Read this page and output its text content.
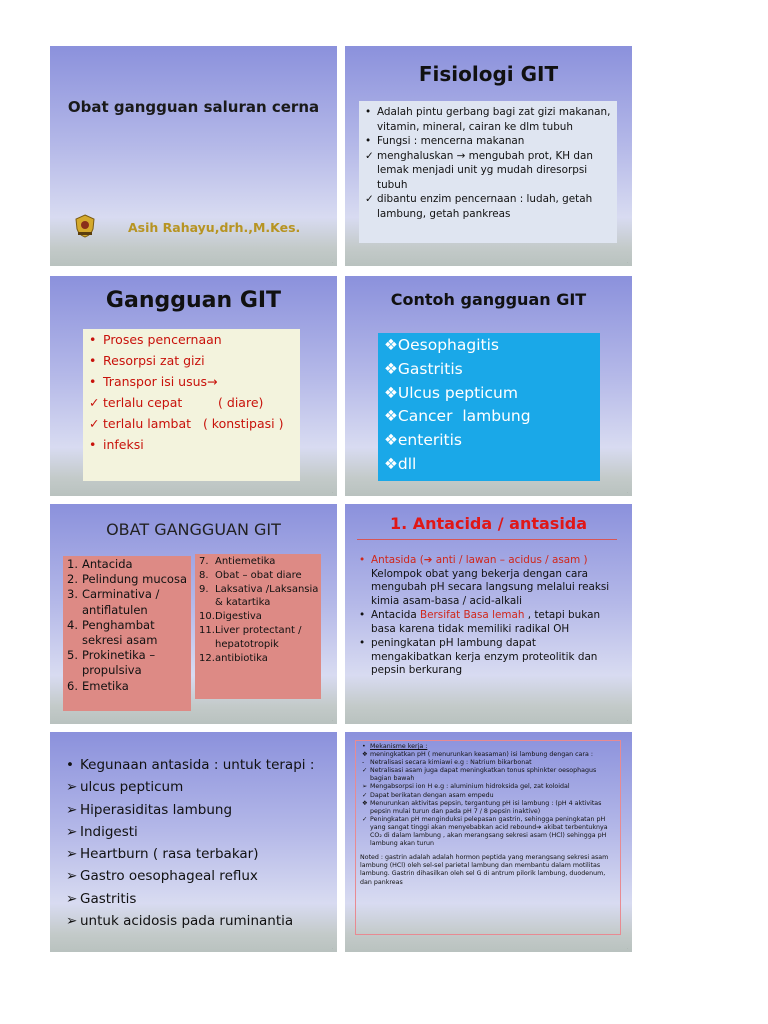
Obat gangguan saluran cerna
Asih Rahayu,drh.,M.Kes.
·
Fisiologi GIT
• Adalah pintu gerbang bagi zat gizi makanan, vitamin, mineral, cairan ke dlm tubuh
• Fungsi : mencerna makanan
✓ menghaluskan → mengubah prot, KH dan lemak menjadi unit yg mudah diresorpsi tubuh
✓ dibantu enzim pencernaan : ludah, getah lambung, getah pankreas
·
Gangguan GIT
• Proses pencernaan
• Resorpsi zat gizi
• Transpor isi usus→
✓ terlalu cepat         ( diare)
✓ terlalu lambat   ( konstipasi )
• infeksi
·
Contoh gangguan GIT
❖Oesophagitis
❖Gastritis
❖Ulcus pepticum
❖Cancer  lambung
❖enteritis
❖dll
·
OBAT GANGGUAN GIT
1. Antacida
2. Pelindung mucosa
3. Carminativa / antiflatulen
4. Penghambat sekresi asam
5. Prokinetika – propulsiva
6. Emetika
7. Antiemetika
8. Obat – obat diare
9. Laksativa /Laksansia & katartika
10. Digestiva
11. Liver protectant / hepatotropik
12. antibiotika
·
1. Antacida / antasida
• Antasida (➔ anti / lawan – acidus / asam )
Kelompok obat yang bekerja dengan cara mengubah pH secara langsung melalui reaksi kimia asam-basa / acid-alkali
• Antacida Bersifat Basa lemah , tetapi bukan basa karena tidak memiliki radikal OH
• peningkatan pH lambung dapat mengakibatkan kerja enzym proteolitik dan pepsin berkurang
·
• Kegunaan antasida : untuk terapi :
➢ ulcus pepticum
➢ Hiperasiditas lambung
➢ Indigesti
➢ Heartburn ( rasa terbakar)
➢ Gastro oesophageal reflux
➢ Gastritis
➢ untuk acidosis pada ruminantia
·
• Mekanisme kerja :
❖ meningkatkan pH ( menurunkan keasaman) isi lambung dengan cara :
- Netralisasi secara kimiawi e.g : Natrium bikarbonat
✓ Netralisasi asam juga dapat meningkatkan tonus sphinkter oesophagus bagian bawah
➢ Mengabsorpsi ion H e.g : aluminium hidroksida gel, zat koloidal
✓ Dapat berikatan dengan asam empedu
❖ Menurunkan aktivitas pepsin, tergantung pH isi lambung : (pH 4 aktivitas pepsin mulai turun dan pada pH 7 / 8 pepsin inaktive)
✓ Peningkatan pH menginduksi pelepasan gastrin, sehingga peningkatan pH yang sangat tinggi akan menyebabkan acid rebound➔ akibat terbentuknya CO₂ di dalam lambung , akan merangsang sekresi asam (HCl) sehingga pH lambung akan turun
Noted : gastrin adalah adalah hormon peptida yang merangsang sekresi asam lambung (HCl) oleh sel-sel parietal lambung dan membantu dalam motilitas lambung. Gastrin dihasilkan oleh sel G di antrum pilorik lambung, duodenum, dan pankreas
·
